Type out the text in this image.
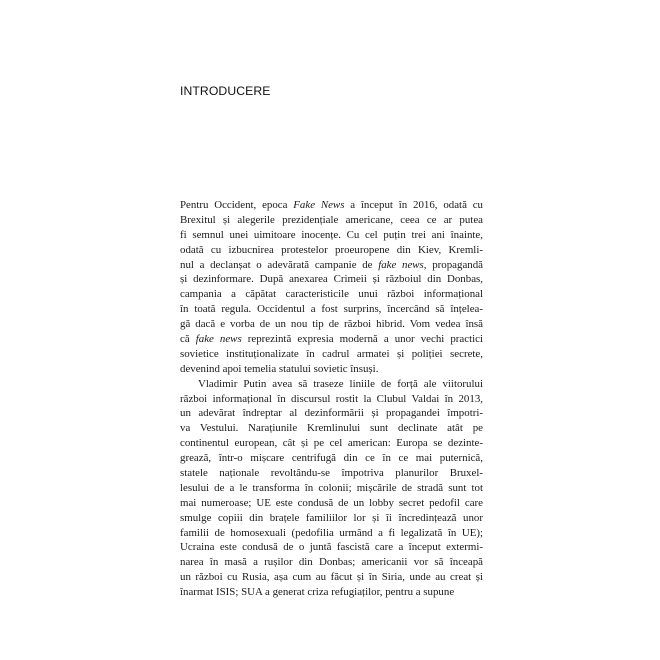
INTRODUCERE
Pentru Occident, epoca Fake News a început în 2016, odată cu
Brexitul și alegerile prezidențiale americane, ceea ce ar putea
fi semnul unei uimitoare inocențe. Cu cel puțin trei ani înainte,
odată cu izbucnirea protestelor proeuropene din Kiev, Kremli-
nul a declanșat o adevărată campanie de fake news, propagandă
și dezinformare. După anexarea Crimeii și războiul din Donbas,
campania a căpătat caracteristicile unui război informațional
în toată regula. Occidentul a fost surprins, încercând să înțelea-
gă dacă e vorba de un nou tip de război hibrid. Vom vedea însă
că fake news reprezintă expresia modernă a unor vechi practici
sovietice instituționalizate în cadrul armatei și poliției secrete,
devenind apoi temelia statului sovietic însuși.
Vladimir Putin avea să traseze liniile de forță ale viitorului
război informațional în discursul rostit la Clubul Valdai în 2013,
un adevărat îndreptar al dezinformării și propagandei împotri-
va Vestului. Narațiunile Kremlinului sunt declinate atât pe
continentul european, cât și pe cel american: Europa se dezinte-
grează, într-o mișcare centrifugă din ce în ce mai puternică,
statele naționale revoltându-se împotriva planurilor Bruxel-
lesului de a le transforma în colonii; mișcările de stradă sunt tot
mai numeroase; UE este condusă de un lobby secret pedofil care
smulge copiii din brațele familiilor lor și îi încredințează unor
familii de homosexuali (pedofilia urmând a fi legalizată în UE);
Ucraina este condusă de o juntă fascistă care a început extermi-
narea în masă a rușilor din Donbas; americanii vor să înceapă
un război cu Rusia, așa cum au făcut și în Siria, unde au creat și
înarmat ISIS; SUA a generat criza refugiaților, pentru a supune
